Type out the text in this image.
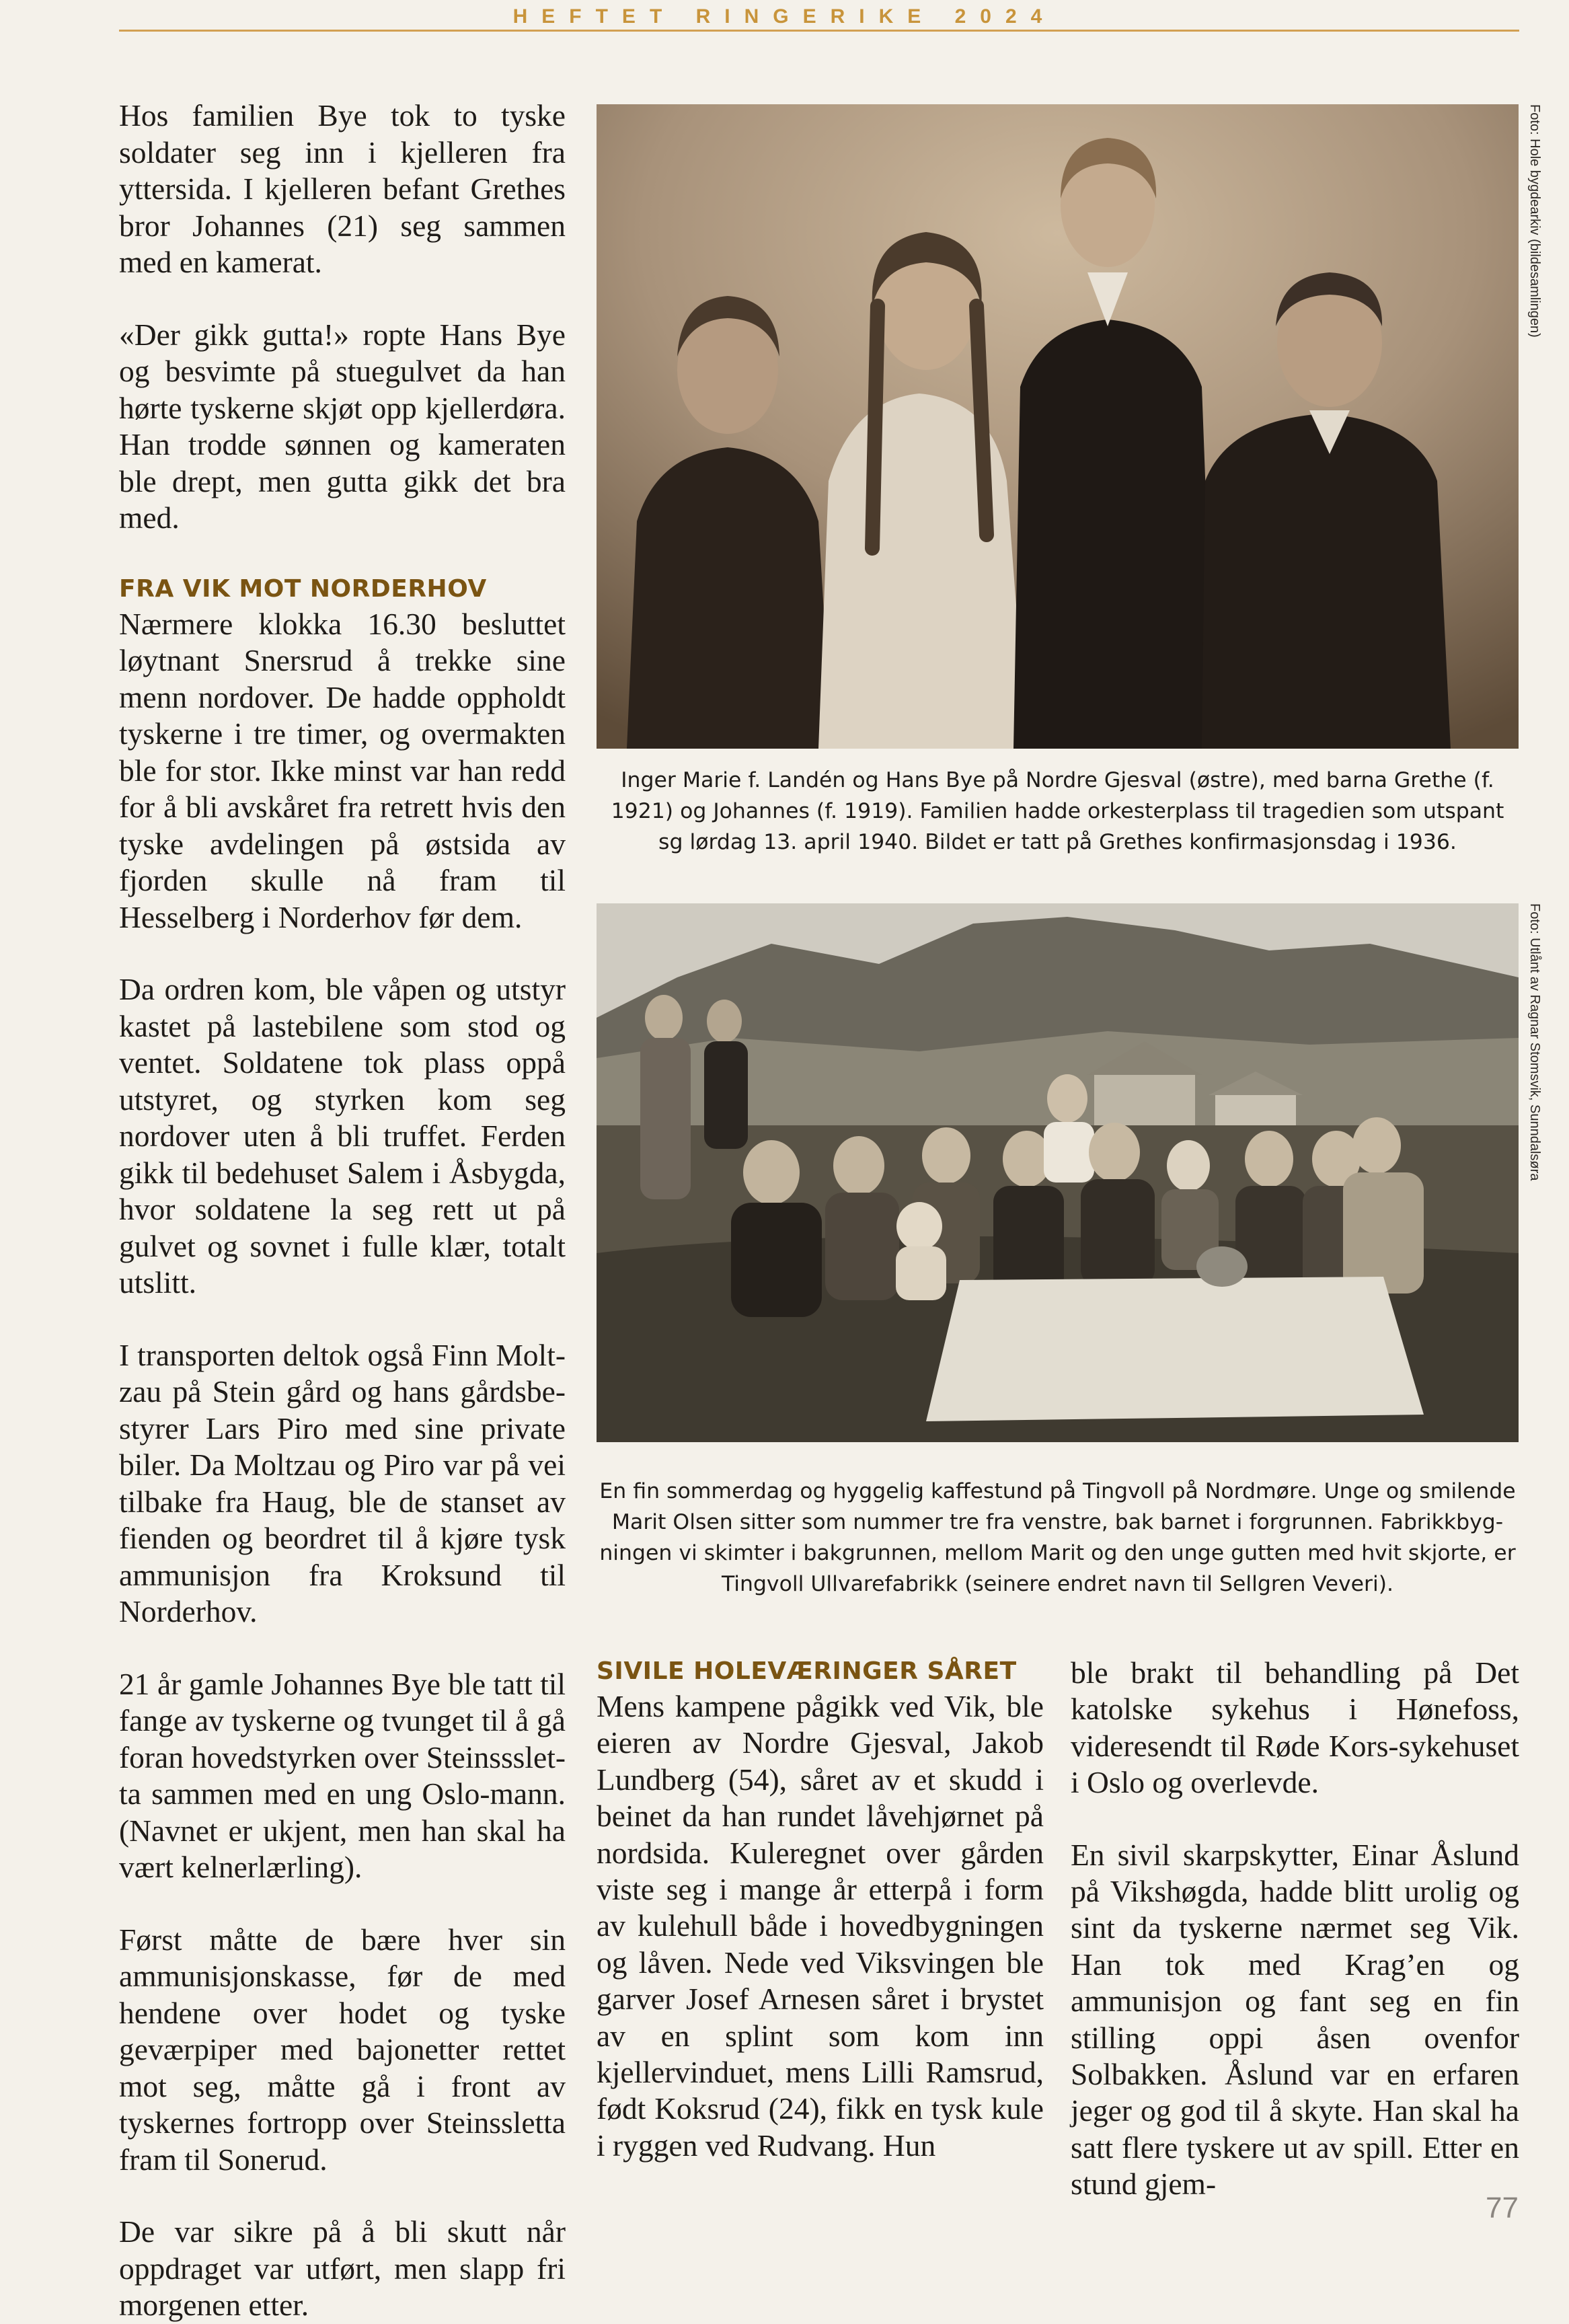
HEFTET RINGERIKE 2024

Hos familien Bye tok to tyske soldater seg inn i kjelleren fra yttersida. I kjelleren befant Grethes bror Johannes (21) seg sammen med en kamerat.

«Der gikk gutta!» ropte Hans Bye og besvimte på stuegulvet da han hørte tyskerne skjøt opp kjellerdøra. Han trodde sønnen og kameraten ble drept, men gutta gikk det bra med.

FRA VIK MOT NORDERHOV

Nærmere klokka 16.30 besluttet løytnant Snersrud å trekke sine menn nordover. De hadde oppholdt tyskerne i tre timer, og overmakten ble for stor. Ikke minst var han redd for å bli avskåret fra retrett hvis den tyske avdelingen på østsida av fjorden skulle nå fram til Hesselberg i Norderhov før dem.

Da ordren kom, ble våpen og utstyr kastet på lastebilene som stod og ventet. Soldatene tok plass oppå utstyret, og styrken kom seg nordover uten å bli truffet. Ferden gikk til bedehuset Salem i Åsbygda, hvor soldatene la seg rett ut på gulvet og sovnet i fulle klær, totalt utslitt.

I transporten deltok også Finn Moltzau på Stein gård og hans gårdsbestyrer Lars Piro med sine private biler. Da Moltzau og Piro var på vei tilbake fra Haug, ble de stanset av fienden og beordret til å kjøre tysk ammunisjon fra Kroksund til Norderhov.

21 år gamle Johannes Bye ble tatt til fange av tyskerne og tvunget til å gå foran hovedstyrken over Steinsssletta sammen med en ung Oslo-mann. (Navnet er ukjent, men han skal ha vært kelnerlærling).

Først måtte de bære hver sin ammunisjonskasse, før de med hendene over hodet og tyske geværpiper med bajonetter rettet mot seg, måtte gå i front av tyskernes fortropp over Steinssletta fram til Sonerud.

De var sikre på å bli skutt når oppdraget var utført, men slapp fri morgenen etter.

Foto: Hole bygdearkiv (bildesamlingen)
Inger Marie f. Landén og Hans Bye på Nordre Gjesval (østre), med barna Grethe (f. 1921) og Johannes (f. 1919). Familien hadde orkesterplass til tragedien som utspant sg lørdag 13. april 1940. Bildet er tatt på Grethes konfirmasjonsdag i 1936.
Foto: Utlånt av Ragnar Stomsvik, Sunndalsøra
En fin sommerdag og hyggelig kaffestund på Tingvoll på Nordmøre. Unge og smilende Marit Olsen sitter som nummer tre fra venstre, bak barnet i forgrunnen. Fabrikkbygningen vi skimter i bakgrunnen, mellom Marit og den unge gutten med hvit skjorte, er Tingvoll Ullvarefabrikk (seinere endret navn til Sellgren Veveri).
SIVILE HOLEVÆRINGER SÅRET

Mens kampene pågikk ved Vik, ble eieren av Nordre Gjesval, Jakob Lundberg (54), såret av et skudd i beinet da han rundet låvehjørnet på nordsida. Kuleregnet over gården viste seg i mange år etterpå i form av kulehull både i hovedbygningen og låven. Nede ved Viksvingen ble garver Josef Arnesen såret i brystet av en splint som kom inn kjellervinduet, mens Lilli Ramsrud, født Koksrud (24), fikk en tysk kule i ryggen ved Rudvang. Hun

ble brakt til behandling på Det katolske sykehus i Hønefoss, videresendt til Røde Kors-sykehuset i Oslo og overlevde.

En sivil skarpskytter, Einar Åslund på Vikshøgda, hadde blitt urolig og sint da tyskerne nærmet seg Vik. Han tok med Krag’en og ammunisjon og fant seg en fin stilling oppi åsen ovenfor Solbakken. Åslund var en erfaren jeger og god til å skyte. Han skal ha satt flere tyskere ut av spill. Etter en stund gjem-

77
